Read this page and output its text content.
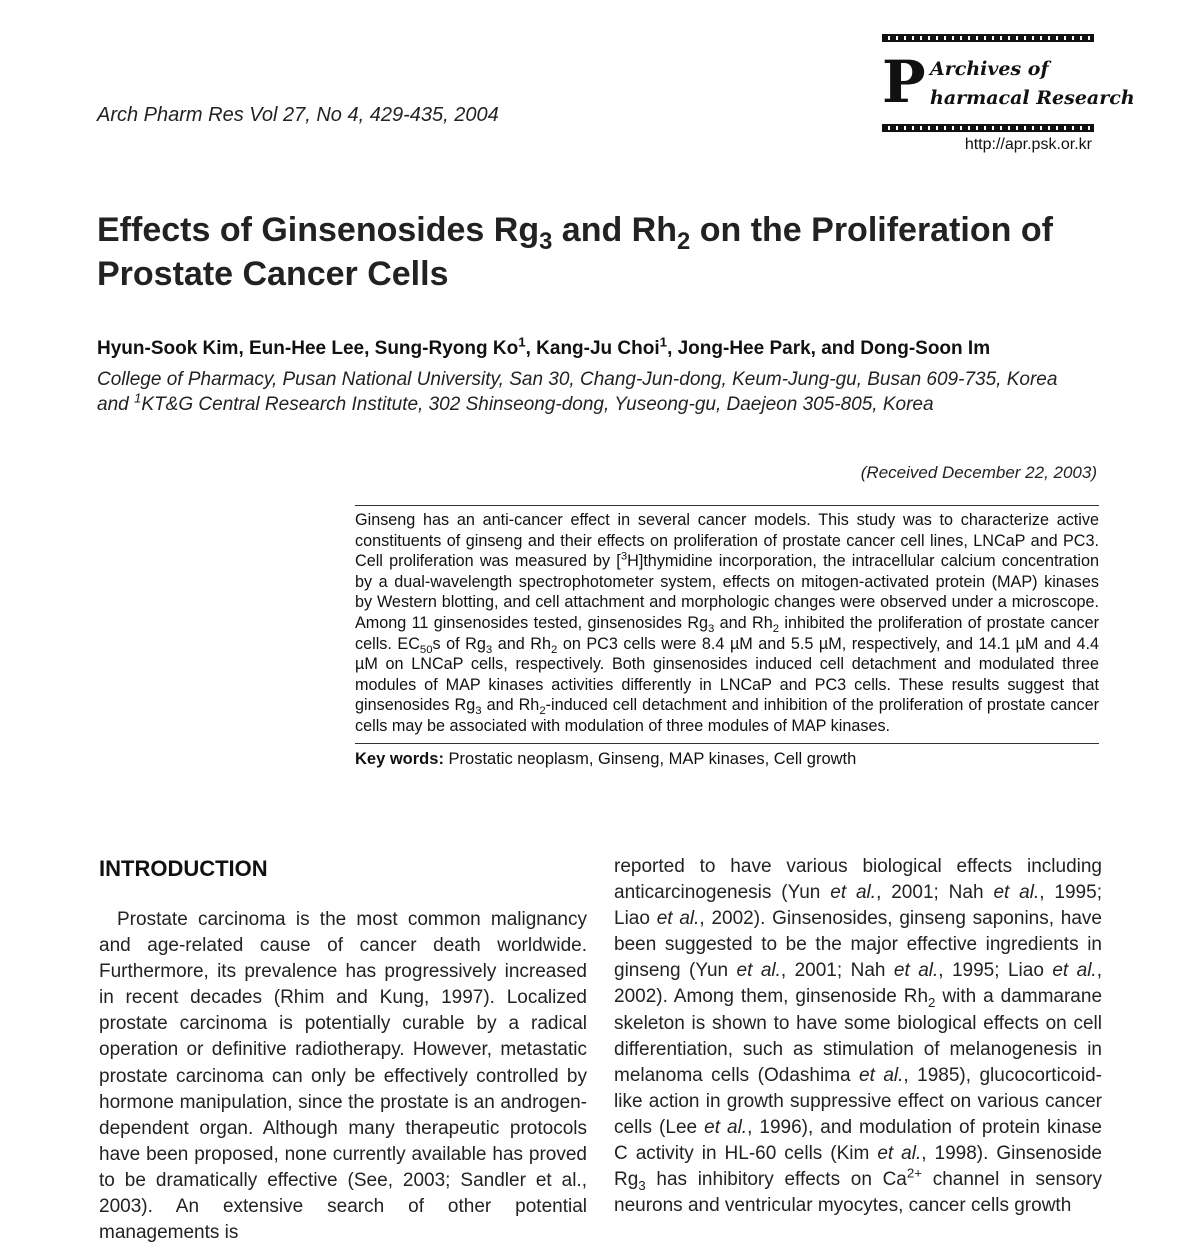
Arch Pharm Res Vol 27, No 4, 429-435, 2004	P Archives of
harmacal Research
http://apr.psk.or.kr
Effects of Ginsenosides $Rg_3$ and $Rh_2$ on the Proliferation of Prostate Cancer Cells
Hyun-Sook Kim, Eun-Hee Lee, Sung-Ryong Ko$^1$, Kang-Ju Choi$^1$, Jong-Hee Park, and Dong-Soon Im
College of Pharmacy, Pusan National University, San 30, Chang-Jun-dong, Keum-Jung-gu, Busan 609-735, Korea
and $^1$KT&G Central Research Institute, 302 Shinseong-dong, Yuseong-gu, Daejeon 305-805, Korea
(Received December 22, 2003)
Ginseng has an anti-cancer effect in several cancer models. This study was to characterize active constituents of ginseng and their effects on proliferation of prostate cancer cell lines, LNCaP and PC3. Cell proliferation was measured by [$^3$H]thymidine incorporation, the intracellular calcium concentration by a dual-wavelength spectrophotometer system, effects on mitogen-activated protein (MAP) kinases by Western blotting, and cell attachment and morphologic changes were observed under a microscope. Among 11 ginsenosides tested, ginsenosides $Rg_3$ and $Rh_2$ inhibited the proliferation of prostate cancer cells. $EC_{50}s$ of $Rg_3$ and $Rh_2$ on PC3 cells were 8.4 µM and 5.5 µM, respectively, and 14.1 µM and 4.4 µM on LNCaP cells, respectively. Both ginsenosides induced cell detachment and modulated three modules of MAP kinases activities differently in LNCaP and PC3 cells. These results suggest that ginsenosides $Rg_3$ and $Rh_2$-induced cell detachment and inhibition of the proliferation of prostate cancer cells may be associated with modulation of three modules of MAP kinases.
Key words: Prostatic neoplasm, Ginseng, MAP kinases, Cell growth
INTRODUCTION

Prostate carcinoma is the most common malignancy and age-related cause of cancer death worldwide. Furthermore, its prevalence has progressively increased in recent decades (Rhim and Kung, 1997). Localized prostate carcinoma is potentially curable by a radical operation or definitive radiotherapy. However, metastatic prostate carcinoma can only be effectively controlled by hormone manipulation, since the prostate is an androgen-dependent organ. Although many therapeutic protocols have been proposed, none currently available has proved to be dramatically effective (See, 2003; Sandler et al., 2003). An extensive search of other potential managements is

reported to have various biological effects including anticarcinogenesis (Yun et al., 2001; Nah et al., 1995; Liao et al., 2002). Ginsenosides, ginseng saponins, have been suggested to be the major effective ingredients in ginseng (Yun et al., 2001; Nah et al., 1995; Liao et al., 2002). Among them, ginsenoside $Rh_2$ with a dammarane skeleton is shown to have some biological effects on cell differentiation, such as stimulation of melanogenesis in melanoma cells (Odashima et al., 1985), glucocorticoid-like action in growth suppressive effect on various cancer cells (Lee et al., 1996), and modulation of protein kinase C activity in HL-60 cells (Kim et al., 1998). Ginsenoside $Rg_3$ has inhibitory effects on $Ca^{2+}$ channel in sensory neurons and ventricular myocytes, cancer cells growth
